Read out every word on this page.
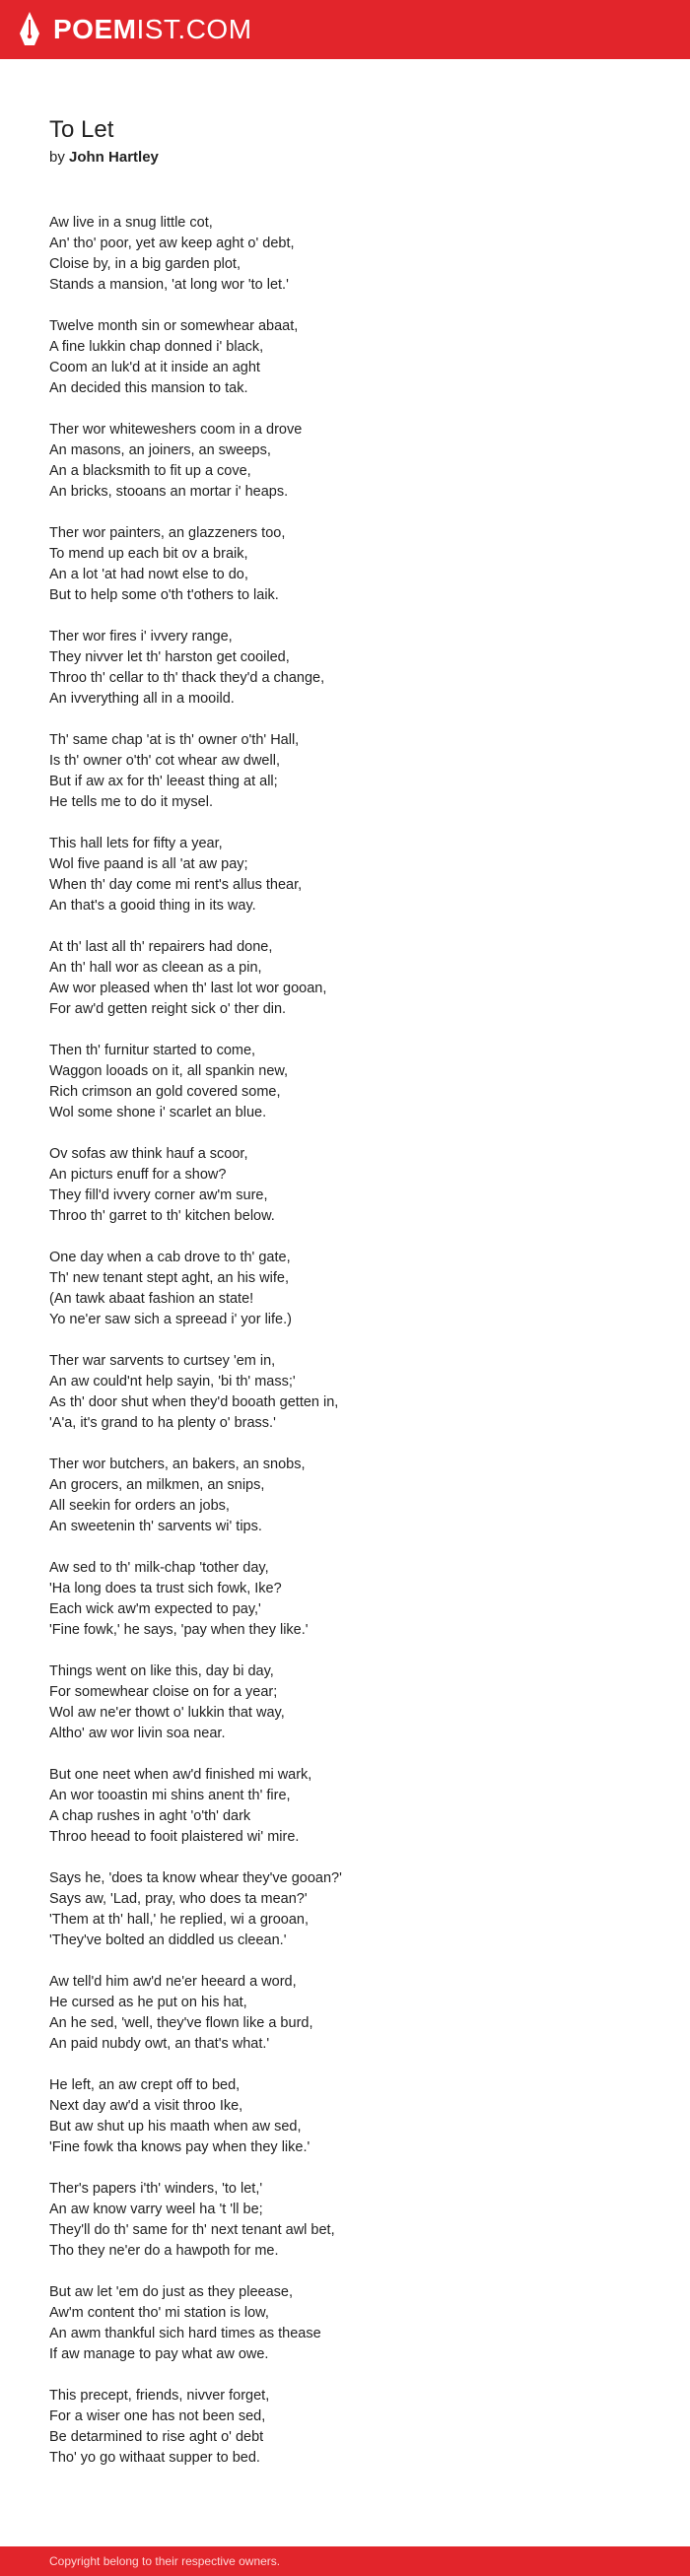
POEMIST.COM
To Let
by John Hartley

Aw live in a snug little cot,
An' tho' poor, yet aw keep aght o' debt,
Cloise by, in a big garden plot,
Stands a mansion, 'at long wor 'to let.'

Twelve month sin or somewhear abaat,
A fine lukkin chap donned i' black,
Coom an luk'd at it inside an aght
An decided this mansion to tak.

Ther wor whiteweshers coom in a drove
An masons, an joiners, an sweeps,
An a blacksmith to fit up a cove,
An bricks, stooans an mortar i' heaps.

Ther wor painters, an glazzeners too,
To mend up each bit ov a braik,
An a lot 'at had nowt else to do,
But to help some o'th t'others to laik.

Ther wor fires i' ivvery range,
They nivver let th' harston get cooiled,
Throo th' cellar to th' thack they'd a change,
An ivverything all in a mooild.

Th' same chap 'at is th' owner o'th' Hall,
Is th' owner o'th' cot whear aw dwell,
But if aw ax for th' leeast thing at all;
He tells me to do it mysel.

This hall lets for fifty a year,
Wol five paand is all 'at aw pay;
When th' day come mi rent's allus thear,
An that's a gooid thing in its way.

At th' last all th' repairers had done,
An th' hall wor as cleean as a pin,
Aw wor pleased when th' last lot wor gooan,
For aw'd getten reight sick o' ther din.

Then th' furnitur started to come,
Waggon looads on it, all spankin new,
Rich crimson an gold covered some,
Wol some shone i' scarlet an blue.

Ov sofas aw think hauf a scoor,
An picturs enuff for a show?
They fill'd ivvery corner aw'm sure,
Throo th' garret to th' kitchen below.

One day when a cab drove to th' gate,
Th' new tenant stept aght, an his wife,
(An tawk abaat fashion an state!
Yo ne'er saw sich a spreead i' yor life.)

Ther war sarvents to curtsey 'em in,
An aw could'nt help sayin, 'bi th' mass;'
As th' door shut when they'd booath getten in,
'A'a, it's grand to ha plenty o' brass.'

Ther wor butchers, an bakers, an snobs,
An grocers, an milkmen, an snips,
All seekin for orders an jobs,
An sweetenin th' sarvents wi' tips.

Aw sed to th' milk-chap 'tother day,
'Ha long does ta trust sich fowk, Ike?
Each wick aw'm expected to pay,'
'Fine fowk,' he says, 'pay when they like.'

Things went on like this, day bi day,
For somewhear cloise on for a year;
Wol aw ne'er thowt o' lukkin that way,
Altho' aw wor livin soa near.

But one neet when aw'd finished mi wark,
An wor tooastin mi shins anent th' fire,
A chap rushes in aght 'o'th' dark
Throo heead to fooit plaistered wi' mire.

Says he, 'does ta know whear they've gooan?'
Says aw, 'Lad, pray, who does ta mean?'
'Them at th' hall,' he replied, wi a grooan,
'They've bolted an diddled us cleean.'

Aw tell'd him aw'd ne'er heeard a word,
He cursed as he put on his hat,
An he sed, 'well, they've flown like a burd,
An paid nubdy owt, an that's what.'

He left, an aw crept off to bed,
Next day aw'd a visit throo Ike,
But aw shut up his maath when aw sed,
'Fine fowk tha knows pay when they like.'

Ther's papers i'th' winders, 'to let,'
An aw know varry weel ha 't 'll be;
They'll do th' same for th' next tenant awl bet,
Tho they ne'er do a hawpoth for me.

But aw let 'em do just as they pleease,
Aw'm content tho' mi station is low,
An awm thankful sich hard times as thease
If aw manage to pay what aw owe.

This precept, friends, nivver forget,
For a wiser one has not been sed,
Be detarmined to rise aght o' debt
Tho' yo go withaat supper to bed.

Copyright belong to their respective owners.
